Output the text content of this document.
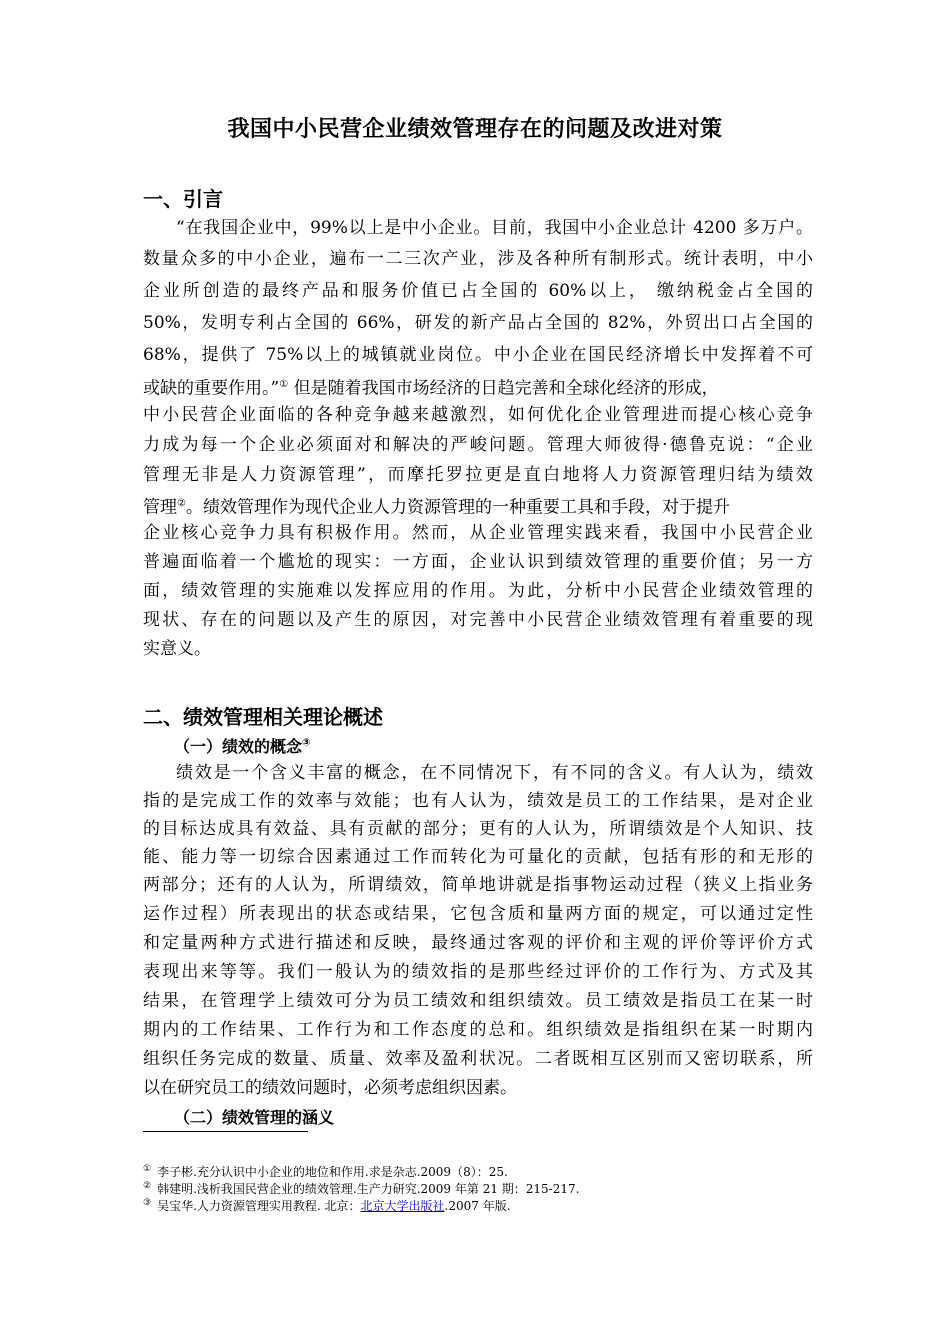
我国中小民营企业绩效管理存在的问题及改进对策
一、引言
“在我国企业中，99%以上是中小企业。目前，我国中小企业总计 4200 多万户。
数量众多的中小企业，遍布一二三次产业，涉及各种所有制形式。统计表明，中小
企业所创造的最终产品和服务价值已占全国的 60%以上， 缴纳税金占全国的
50%，发明专利占全国的 66%，研发的新产品占全国的 82%，外贸出口占全国的
68%，提供了 75%以上的城镇就业岗位。中小企业在国民经济增长中发挥着不可
或缺的重要作用。”① 但是随着我国市场经济的日趋完善和全球化经济的形成，
中小民营企业面临的各种竞争越来越激烈，如何优化企业管理进而提心核心竞争
力成为每一个企业必须面对和解决的严峻问题。管理大师彼得·德鲁克说：“企业
管理无非是人力资源管理”，而摩托罗拉更是直白地将人力资源管理归结为绩效
管理②。绩效管理作为现代企业人力资源管理的一种重要工具和手段，对于提升
企业核心竞争力具有积极作用。然而，从企业管理实践来看，我国中小民营企业
普遍面临着一个尴尬的现实：一方面，企业认识到绩效管理的重要价值；另一方
面，绩效管理的实施难以发挥应用的作用。为此，分析中小民营企业绩效管理的
现状、存在的问题以及产生的原因，对完善中小民营企业绩效管理有着重要的现
实意义。
二、绩效管理相关理论概述
（一）绩效的概念③
绩效是一个含义丰富的概念，在不同情况下，有不同的含义。有人认为，绩效
指的是完成工作的效率与效能；也有人认为，绩效是员工的工作结果，是对企业
的目标达成具有效益、具有贡献的部分；更有的人认为，所谓绩效是个人知识、技
能、能力等一切综合因素通过工作而转化为可量化的贡献，包括有形的和无形的
两部分；还有的人认为，所谓绩效，简单地讲就是指事物运动过程（狭义上指业务
运作过程）所表现出的状态或结果，它包含质和量两方面的规定，可以通过定性
和定量两种方式进行描述和反映，最终通过客观的评价和主观的评价等评价方式
表现出来等等。我们一般认为的绩效指的是那些经过评价的工作行为、方式及其
结果，在管理学上绩效可分为员工绩效和组织绩效。员工绩效是指员工在某一时
期内的工作结果、工作行为和工作态度的总和。组织绩效是指组织在某一时期内
组织任务完成的数量、质量、效率及盈利状况。二者既相互区别而又密切联系，所
以在研究员工的绩效问题时，必须考虑组织因素。
（二）绩效管理的涵义
① 李子彬.充分认识中小企业的地位和作用.求是杂志.2009（8）：25.
② 韩建明.浅析我国民营企业的绩效管理.生产力研究.2009 年第 21 期：215-217.
③ 吴宝华.人力资源管理实用教程. 北京：北京大学出版社.2007 年版.
